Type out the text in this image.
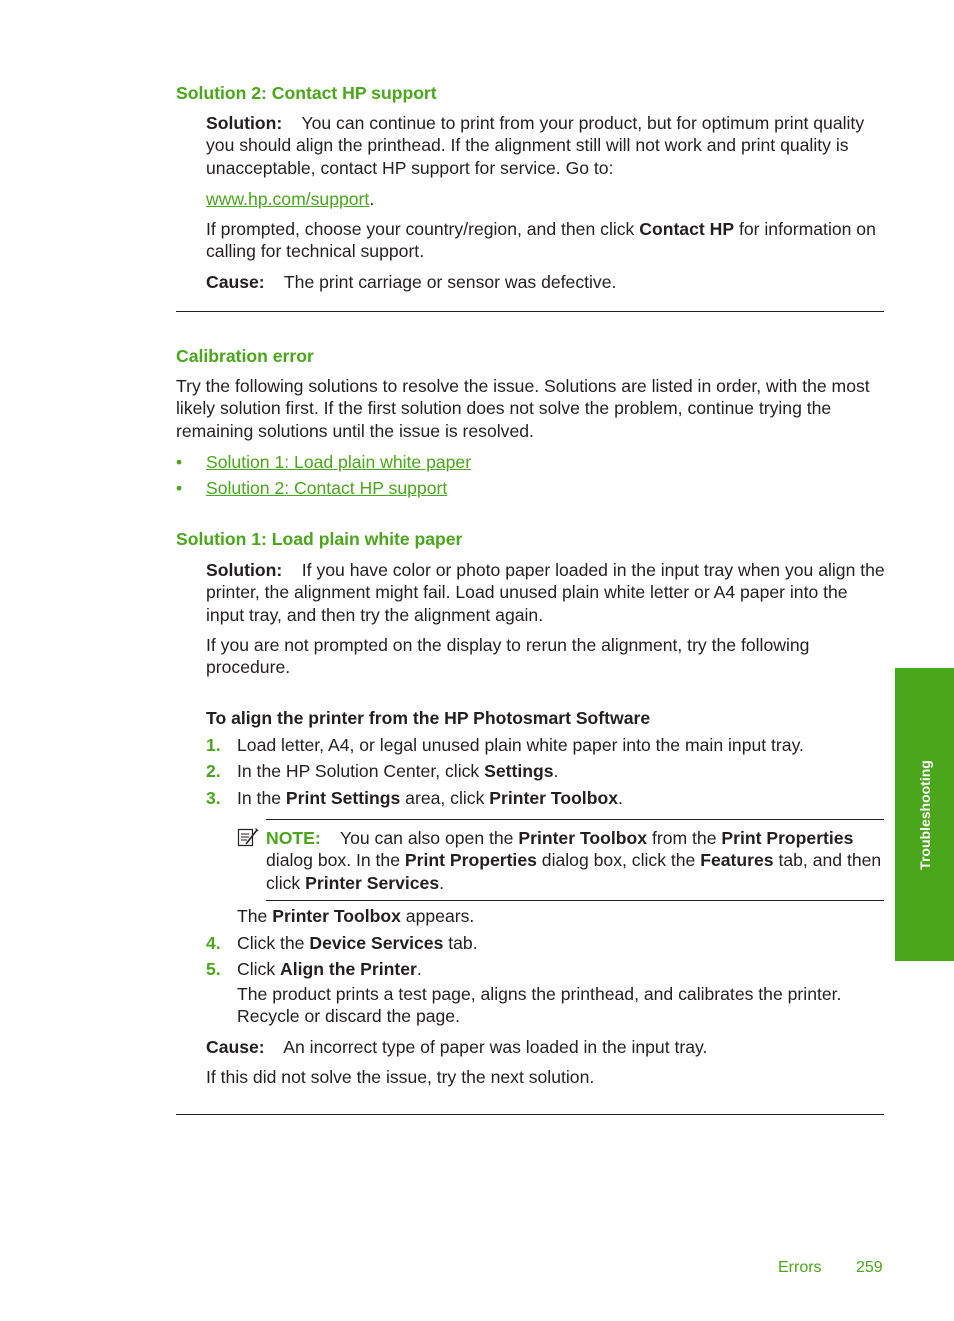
Solution 2: Contact HP support
Solution: You can continue to print from your product, but for optimum print quality you should align the printhead. If the alignment still will not work and print quality is unacceptable, contact HP support for service. Go to:
www.hp.com/support.
If prompted, choose your country/region, and then click Contact HP for information on calling for technical support.
Cause: The print carriage or sensor was defective.
Calibration error
Try the following solutions to resolve the issue. Solutions are listed in order, with the most likely solution first. If the first solution does not solve the problem, continue trying the remaining solutions until the issue is resolved.
• Solution 1: Load plain white paper
• Solution 2: Contact HP support
Solution 1: Load plain white paper
Solution: If you have color or photo paper loaded in the input tray when you align the printer, the alignment might fail. Load unused plain white letter or A4 paper into the input tray, and then try the alignment again.
If you are not prompted on the display to rerun the alignment, try the following procedure.
To align the printer from the HP Photosmart Software
1. Load letter, A4, or legal unused plain white paper into the main input tray.
2. In the HP Solution Center, click Settings.
3. In the Print Settings area, click Printer Toolbox.
NOTE: You can also open the Printer Toolbox from the Print Properties dialog box. In the Print Properties dialog box, click the Features tab, and then click Printer Services.
The Printer Toolbox appears.
4. Click the Device Services tab.
5. Click Align the Printer.
The product prints a test page, aligns the printhead, and calibrates the printer. Recycle or discard the page.
Cause: An incorrect type of paper was loaded in the input tray.
If this did not solve the issue, try the next solution.
Troubleshooting
Errors 259
